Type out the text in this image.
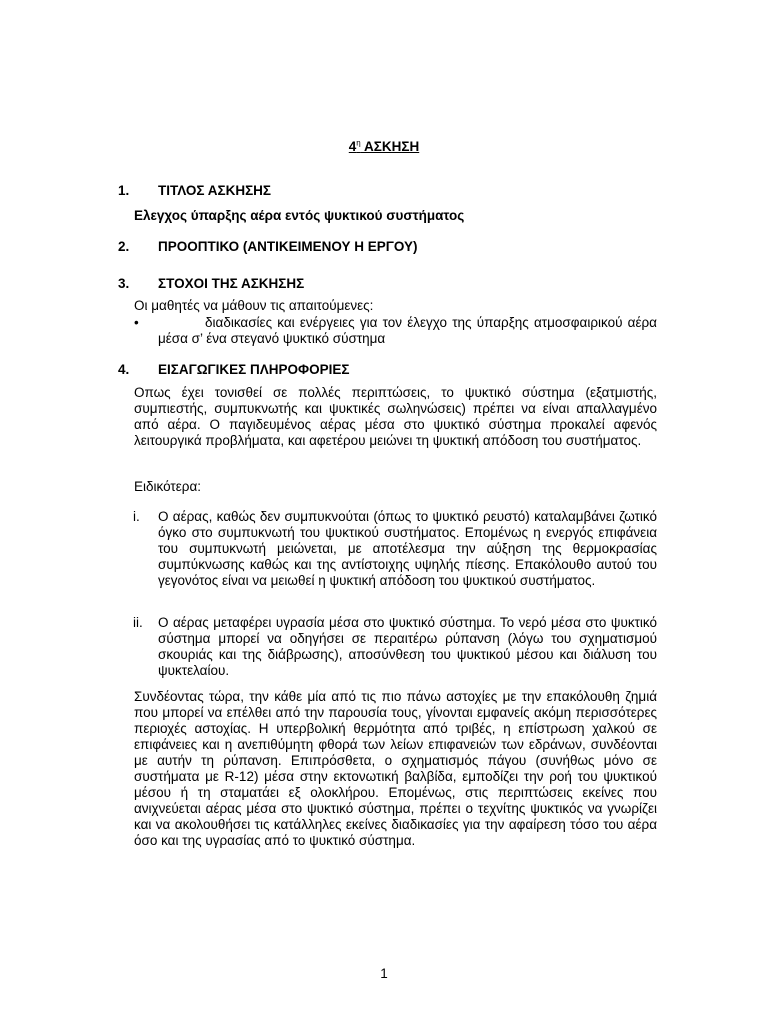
$4^\eta$ ΑΣΚΗΣΗ
1. ΤΙΤΛΟΣ ΑΣΚΗΣΗΣ
Ελεγχος ύπαρξης αέρα εντός ψυκτικού συστήματος
2. ΠΡΟΟΠΤΙΚΟ (ΑΝΤΙΚΕΙΜΕΝΟΥ Η ΕΡΓΟΥ)
3. ΣΤΟΧΟΙ ΤΗΣ ΑΣΚΗΣΗΣ
Οι μαθητές να μάθουν τις απαιτούμενες:
•	διαδικασίες και ενέργειες για τον έλεγχο της ύπαρξης ατμοσφαιρικού αέρα μέσα σ’ ένα στεγανό ψυκτικό σύστημα
4. ΕΙΣΑΓΩΓΙΚΕΣ ΠΛΗΡΟΦΟΡΙΕΣ
Οπως έχει τονισθεί σε πολλές περιπτώσεις, το ψυκτικό σύστημα (εξατμιστής, συμπιεστής, συμπυκνωτής και ψυκτικές σωληνώσεις) πρέπει να είναι απαλλαγμένο από αέρα. Ο παγιδευμένος αέρας μέσα στο ψυκτικό σύστημα προκαλεί αφενός λειτουργικά προβλήματα, και αφετέρου μειώνει τη ψυκτική απόδοση του συστήματος.
Ειδικότερα:
i. Ο αέρας, καθώς δεν συμπυκνούται (όπως το ψυκτικό ρευστό) καταλαμβάνει ζωτικό όγκο στο συμπυκνωτή του ψυκτικού συστήματος. Επομένως η ενεργός επιφάνεια του συμπυκνωτή μειώνεται, με αποτέλεσμα την αύξηση της θερμοκρασίας συμπύκνωσης καθώς και της αντίστοιχης υψηλής πίεσης. Επακόλουθο αυτού του γεγονότος είναι να μειωθεί η ψυκτική απόδοση του ψυκτικού συστήματος.
ii. Ο αέρας μεταφέρει υγρασία μέσα στο ψυκτικό σύστημα. Το νερό μέσα στο ψυκτικό σύστημα μπορεί να οδηγήσει σε περαιτέρω ρύπανση (λόγω του σχηματισμού σκουριάς και της διάβρωσης), αποσύνθεση του ψυκτικού μέσου και διάλυση του ψυκτελαίου.
Συνδέοντας τώρα, την κάθε μία από τις πιο πάνω αστοχίες με την επακόλουθη ζημιά που μπορεί να επέλθει από την παρουσία τους, γίνονται εμφανείς ακόμη περισσότερες περιοχές αστοχίας. Η υπερβολική θερμότητα από τριβές, η επίστρωση χαλκού σε επιφάνειες και η ανεπιθύμητη φθορά των λείων επιφανειών των εδράνων, συνδέονται με αυτήν τη ρύπανση. Επιπρόσθετα, ο σχηματισμός πάγου (συνήθως μόνο σε συστήματα με R-12) μέσα στην εκτονωτική βαλβίδα, εμποδίζει την ροή του ψυκτικού μέσου ή τη σταματάει εξ ολοκλήρου. Επομένως, στις περιπτώσεις εκείνες που ανιχνεύεται αέρας μέσα στο ψυκτικό σύστημα, πρέπει ο τεχνίτης ψυκτικός να γνωρίζει και να ακολουθήσει τις κατάλληλες εκείνες διαδικασίες για την αφαίρεση τόσο του αέρα όσο και της υγρασίας από το ψυκτικό σύστημα.
1
